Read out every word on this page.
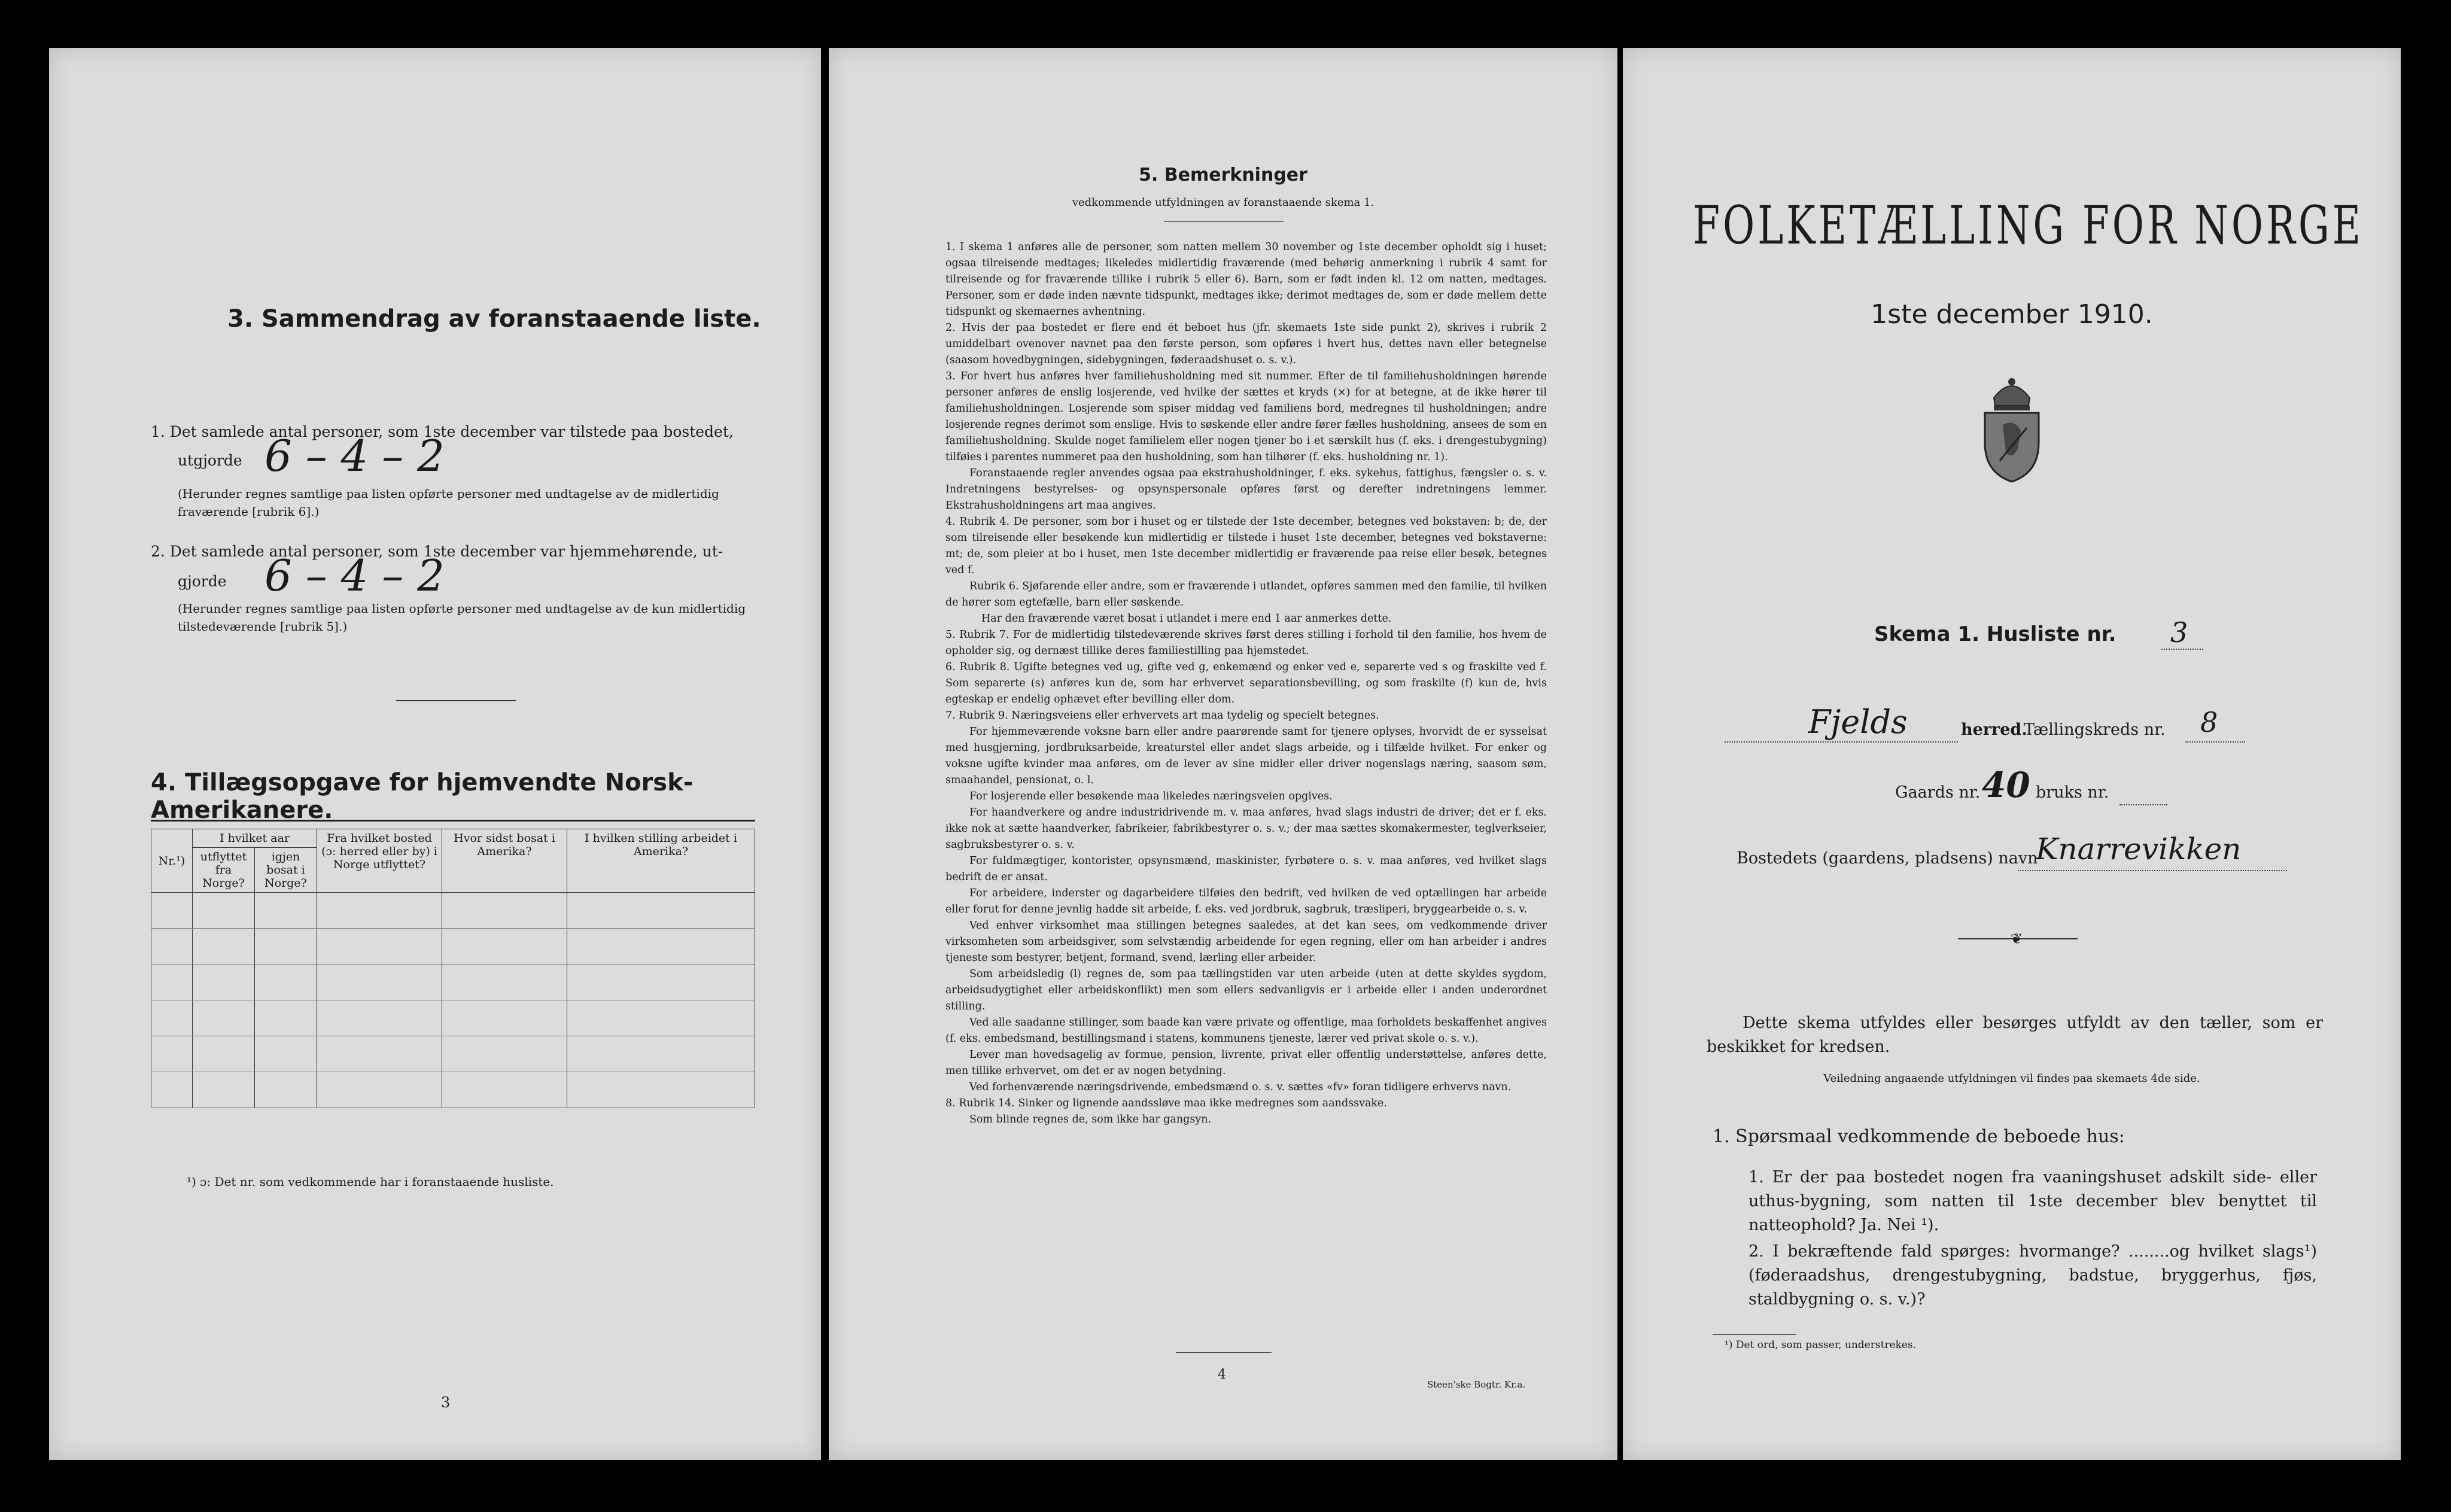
3. Sammendrag av foranstaaende liste.
1. Det samlede antal personer, som 1ste december var tilstede paa bostedet,
utgjorde 6 – 4 – 2
(Herunder regnes samtlige paa listen opførte personer med undtagelse av de midlertidig fraværende [rubrik 6].)
2. Det samlede antal personer, som 1ste december var hjemmehørende, ut-
gjorde 6 – 4 – 2
(Herunder regnes samtlige paa listen opførte personer med undtagelse av de kun midlertidig tilstedeværende [rubrik 5].)
4. Tillægsopgave for hjemvendte Norsk-Amerikanere.
Nr.¹)	I hvilket aar		Fra hvilket bosted (ɔ: herred eller by) i Norge utflyttet?	Hvor sidst bosat i Amerika?	I hvilken stilling arbeidet i Amerika?
	utflyttet fra Norge?	igjen bosat i Norge?			

¹) ɔ: Det nr. som vedkommende har i foranstaaende husliste.
3
5. Bemerkninger
vedkommende utfyldningen av foranstaaende skema 1.

1. I skema 1 anføres alle de personer, som natten mellem 30 november og 1ste december opholdt sig i huset; ogsaa tilreisende medtages; likeledes midlertidig fraværende (med behørig anmerkning i rubrik 4 samt for tilreisende og for fraværende tillike i rubrik 5 eller 6). Barn, som er født inden kl. 12 om natten, medtages. Personer, som er døde inden nævnte tidspunkt, medtages ikke; derimot medtages de, som er døde mellem dette tidspunkt og skemaernes avhentning.

2. Hvis der paa bostedet er flere end ét beboet hus (jfr. skemaets 1ste side punkt 2), skrives i rubrik 2 umiddelbart ovenover navnet paa den første person, som opføres i hvert hus, dettes navn eller betegnelse (saasom hovedbygningen, sidebygningen, føderaadshuset o. s. v.).

3. For hvert hus anføres hver familiehusholdning med sit nummer. Efter de til familiehusholdningen hørende personer anføres de enslig losjerende, ved hvilke der sættes et kryds (×) for at betegne, at de ikke hører til familiehusholdningen. Losjerende som spiser middag ved familiens bord, medregnes til husholdningen; andre losjerende regnes derimot som enslige. Hvis to søskende eller andre fører fælles husholdning, ansees de som en familiehusholdning. Skulde noget familielem eller nogen tjener bo i et særskilt hus (f. eks. i drengestubygning) tilføies i parentes nummeret paa den husholdning, som han tilhører (f. eks. husholdning nr. 1).

Foranstaaende regler anvendes ogsaa paa ekstrahusholdninger, f. eks. sykehus, fattighus, fængsler o. s. v. Indretningens bestyrelses- og opsynspersonale opføres først og derefter indretningens lemmer. Ekstrahusholdningens art maa angives.

4. Rubrik 4. De personer, som bor i huset og er tilstede der 1ste december, betegnes ved bokstaven: b; de, der som tilreisende eller besøkende kun midlertidig er tilstede i huset 1ste december, betegnes ved bokstaverne: mt; de, som pleier at bo i huset, men 1ste december midlertidig er fraværende paa reise eller besøk, betegnes ved f.

Rubrik 6. Sjøfarende eller andre, som er fraværende i utlandet, opføres sammen med den familie, til hvilken de hører som egtefælle, barn eller søskende.

Har den fraværende været bosat i utlandet i mere end 1 aar anmerkes dette.

5. Rubrik 7. For de midlertidig tilstedeværende skrives først deres stilling i forhold til den familie, hos hvem de opholder sig, og dernæst tillike deres familiestilling paa hjemstedet.

6. Rubrik 8. Ugifte betegnes ved ug, gifte ved g, enkemænd og enker ved e, separerte ved s og fraskilte ved f. Som separerte (s) anføres kun de, som har erhvervet separationsbevilling, og som fraskilte (f) kun de, hvis egteskap er endelig ophævet efter bevilling eller dom.

7. Rubrik 9. Næringsveiens eller erhvervets art maa tydelig og specielt betegnes.

For hjemmeværende voksne barn eller andre paarørende samt for tjenere oplyses, hvorvidt de er sysselsat med husgjerning, jordbruksarbeide, kreaturstel eller andet slags arbeide, og i tilfælde hvilket. For enker og voksne ugifte kvinder maa anføres, om de lever av sine midler eller driver nogenslags næring, saasom søm, smaahandel, pensionat, o. l.

For losjerende eller besøkende maa likeledes næringsveien opgives.

For haandverkere og andre industridrivende m. v. maa anføres, hvad slags industri de driver; det er f. eks. ikke nok at sætte haandverker, fabrikeier, fabrikbestyrer o. s. v.; der maa sættes skomakermester, teglverkseier, sagbruksbestyrer o. s. v.

For fuldmægtiger, kontorister, opsynsmænd, maskinister, fyrbøtere o. s. v. maa anføres, ved hvilket slags bedrift de er ansat.

For arbeidere, inderster og dagarbeidere tilføies den bedrift, ved hvilken de ved optællingen har arbeide eller forut for denne jevnlig hadde sit arbeide, f. eks. ved jordbruk, sagbruk, træsliperi, bryggearbeide o. s. v.

Ved enhver virksomhet maa stillingen betegnes saaledes, at det kan sees, om vedkommende driver virksomheten som arbeidsgiver, som selvstændig arbeidende for egen regning, eller om han arbeider i andres tjeneste som bestyrer, betjent, formand, svend, lærling eller arbeider.

Som arbeidsledig (l) regnes de, som paa tællingstiden var uten arbeide (uten at dette skyldes sygdom, arbeidsudygtighet eller arbeidskonflikt) men som ellers sedvanligvis er i arbeide eller i anden underordnet stilling.

Ved alle saadanne stillinger, som baade kan være private og offentlige, maa forholdets beskaffenhet angives (f. eks. embedsmand, bestillingsmand i statens, kommunens tjeneste, lærer ved privat skole o. s. v.).

Lever man hovedsagelig av formue, pension, livrente, privat eller offentlig understøttelse, anføres dette, men tillike erhvervet, om det er av nogen betydning.

Ved forhenværende næringsdrivende, embedsmænd o. s. v. sættes «fv» foran tidligere erhvervs navn.

8. Rubrik 14. Sinker og lignende aandssløve maa ikke medregnes som aandssvake.

Som blinde regnes de, som ikke har gangsyn.

4
Steen'ske Bogtr. Kr.a.
FOLKETÆLLING FOR NORGE
1ste december 1910.
Skema 1. Husliste nr. 3
Fjelds	herred.
Tællingskreds nr. 8
Gaards nr. 40 bruks nr.
Bostedets (gaardens, pladsens) navn
Knarrevikken
❦
Dette skema utfyldes eller besørges utfyldt av den tæller, som er beskikket for kredsen.
Veiledning angaaende utfyldningen vil findes paa skemaets 4de side.
1. Spørsmaal vedkommende de beboede hus:
1. Er der paa bostedet nogen fra vaaningshuset adskilt side- eller uthus-bygning, som natten til 1ste december blev benyttet til natteophold? Ja. Nei ¹).
2. I bekræftende fald spørges: hvormange? ........og hvilket slags¹) (føderaadshus, drengestubygning, badstue, bryggerhus, fjøs, staldbygning o. s. v.)?
¹) Det ord, som passer, understrekes.
